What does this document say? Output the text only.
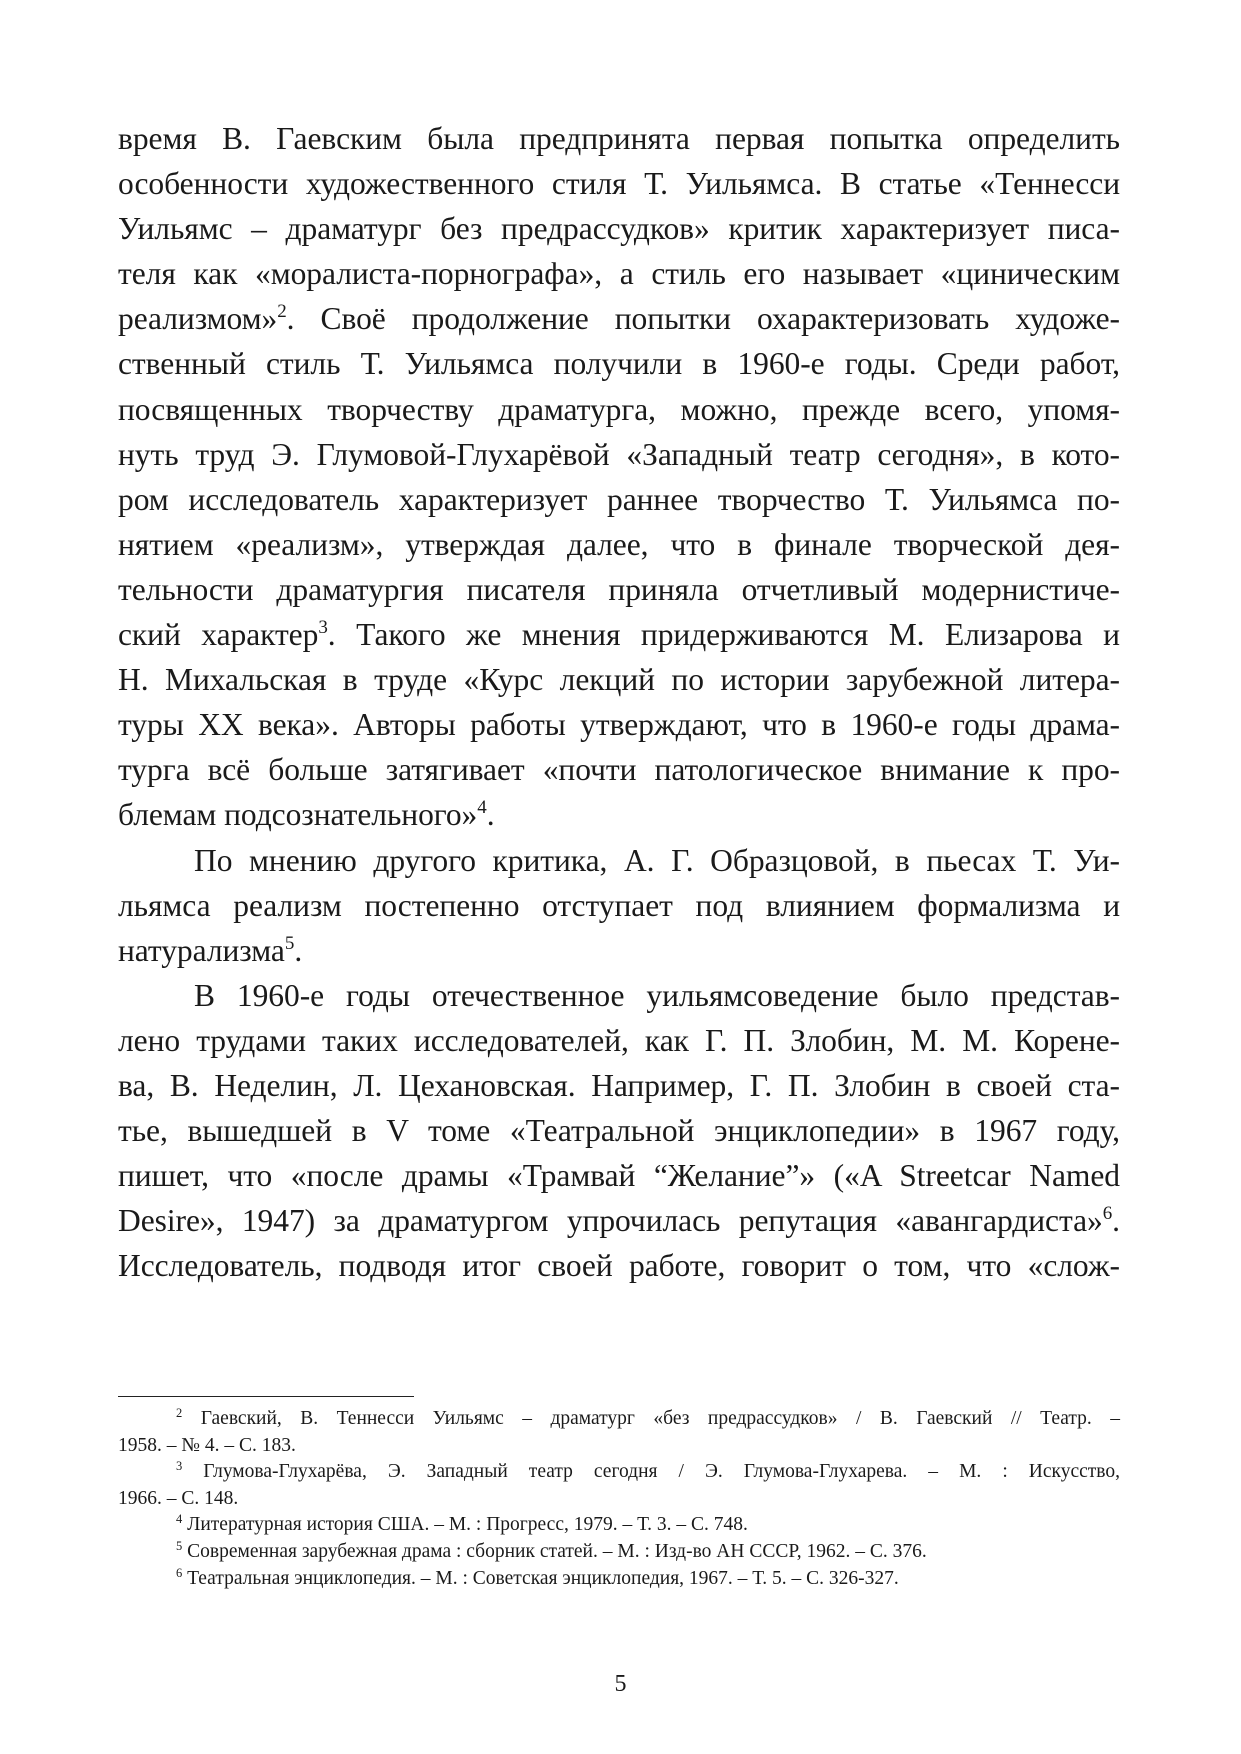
время В. Гаевским была предпринята первая попытка определить
особенности художественного стиля Т. Уильямса. В статье «Теннесси
Уильямс – драматург без предрассудков» критик характеризует писа-
теля как «моралиста-порнографа», а стиль его называет «циническим
реализмом»$^2$. Своё продолжение попытки охарактеризовать художе-
ственный стиль Т. Уильямса получили в 1960-е годы. Среди работ,
посвященных творчеству драматурга, можно, прежде всего, упомя-
нуть труд Э. Глумовой-Глухарёвой «Западный театр сегодня», в кото-
ром исследователь характеризует раннее творчество Т. Уильямса по-
нятием «реализм», утверждая далее, что в финале творческой дея-
тельности драматургия писателя приняла отчетливый модернистиче-
ский характер$^3$. Такого же мнения придерживаются М. Елизарова и
Н. Михальская в труде «Курс лекций по истории зарубежной литера-
туры XX века». Авторы работы утверждают, что в 1960-е годы драма-
турга всё больше затягивает «почти патологическое внимание к про-
блемам подсознательного»$^4$.

По мнению другого критика, А. Г. Образцовой, в пьесах Т. Уи-
льямса реализм постепенно отступает под влиянием формализма и
натурализма$^5$.

В 1960-е годы отечественное уильямсоведение было представ-
лено трудами таких исследователей, как Г. П. Злобин, М. М. Корене-
ва, В. Неделин, Л. Цехановская. Например, Г. П. Злобин в своей ста-
тье, вышедшей в V томе «Театральной энциклопедии» в 1967 году,
пишет, что «после драмы «Трамвай “Желание”» («A Streetcar Named
Desire», 1947) за драматургом упрочилась репутация «авангардиста»$^6$.
Исследователь, подводя итог своей работе, говорит о том, что «слож-

$^2$ Гаевский, В. Теннесси Уильямс – драматург «без предрассудков» / В. Гаевский // Театр. –
1958. – № 4. – С. 183.

$^3$ Глумова-Глухарёва, Э. Западный театр сегодня / Э. Глумова-Глухарева. – М. : Искусство,
1966. – С. 148.

$^4$ Литературная история США. – М. : Прогресс, 1979. – Т. 3. – С. 748.

$^5$ Современная зарубежная драма : сборник статей. – М. : Изд-во АН СССР, 1962. – С. 376.

$^6$ Театральная энциклопедия. – М. : Советская энциклопедия, 1967. – Т. 5. – С. 326-327.

5
